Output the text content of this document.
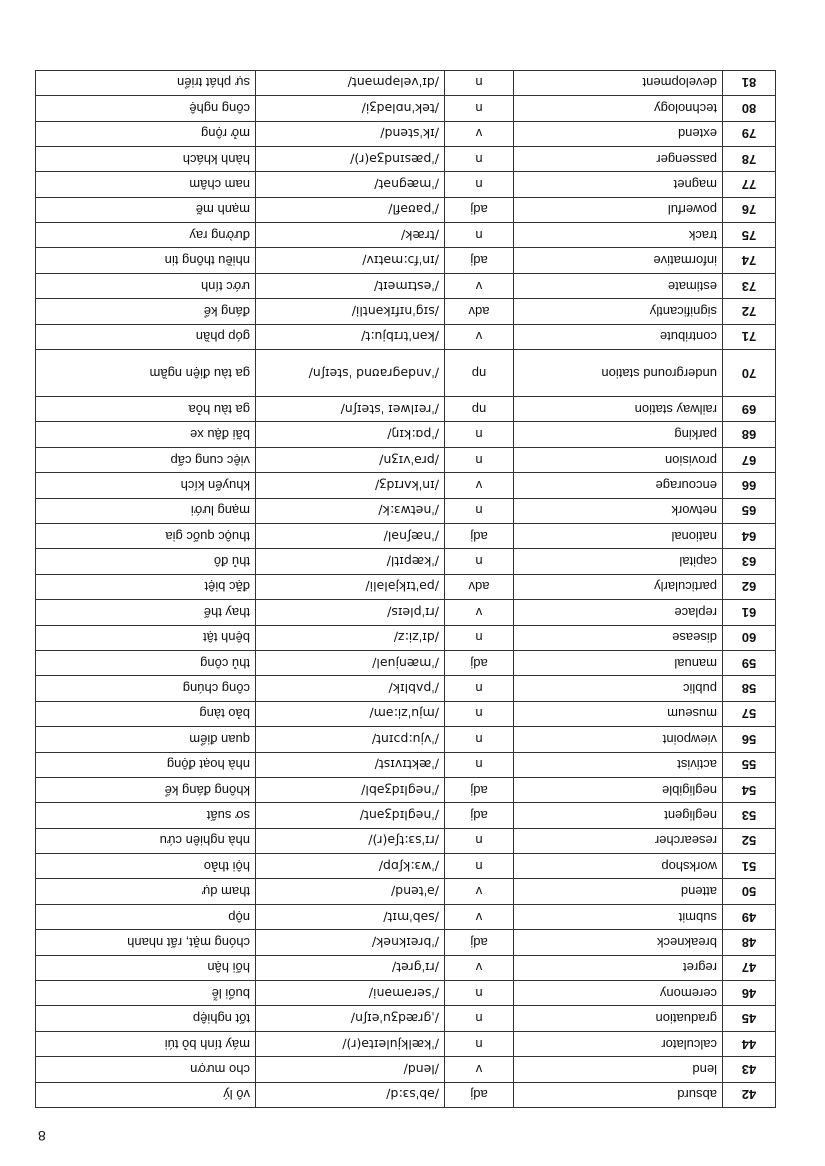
8
42	absurd	adj	/əbˈsɜːd/	vô lý
43	lend	v	/lend/	cho mượn
44	calculator	n	/ˈkælkjuleɪtə(r)/	máy tính bỏ túi
45	graduation	n	/ˌɡrædʒuˈeɪʃn/	tốt nghiệp
46	ceremony	n	/ˈserəməni/	buổi lễ
47	regret	v	/rɪˈɡret/	hối hận
48	breakneck	adj	/ˈbreɪknek/	chóng mặt, rất nhanh
49	submit	v	/səbˈmɪt/	nộp
50	attend	v	/əˈtend/	tham dự
51	workshop	n	/ˈwɜːkʃɒp/	hội thảo
52	researcher	n	/rɪˈsɜːtʃə(r)/	nhà nghiên cứu
53	negligent	adj	/ˈneɡlɪdʒənt/	sơ suất
54	negligible	adj	/ˈneɡlɪdʒəbl/	không đáng kể
55	activist	n	/ˈæktɪvɪst/	nhà hoạt động
56	viewpoint	n	/ˈvjuːpɔɪnt/	quan điểm
57	museum	n	/mjuˈziːəm/	bảo tàng
58	public	n	/ˈpʌblɪk/	công chúng
59	manual	adj	/ˈmænjuəl/	thủ công
60	disease	n	/dɪˈziːz/	bệnh tật
61	replace	v	/rɪˈpleɪs/	thay thế
62	particularly	adv	/pəˈtɪkjələli/	đặc biệt
63	capital	n	/ˈkæpɪtl/	thủ đô
64	national	adj	/ˈnæʃnəl/	thuộc quốc gia
65	network	n	/ˈnetwɜːk/	mạng lưới
66	encourage	v	/ɪnˈkʌrɪdʒ/	khuyến kích
67	provision	n	/prəˈvɪʒn/	việc cung cấp
68	parking	n	/ˈpɑːkɪŋ/	bãi đậu xe
69	railway station	np	/ˈreɪlweɪ ˈsteɪʃn/	ga tàu hỏa
70	underground station	np	/ˈʌndəɡraʊnd ˈsteɪʃn/	ga tàu điện ngầm
71	contribute	v	/kənˈtrɪbjuːt/	góp phần
72	significantly	adv	/sɪɡˈnɪfɪkəntli/	đáng kể
73	estimate	v	/ˈestɪmeɪt/	ước tính
74	informative	adj	/ɪnˈfɔːmətɪv/	nhiều thông tin
75	track	n	/træk/	đường ray
76	powerful	adj	/ˈpaʊəfl/	mạnh mẽ
77	magnet	n	/ˈmæɡnət/	nam châm
78	passenger	n	/ˈpæsɪndʒə(r)/	hành khách
79	extend	v	/ɪkˈstend/	mở rộng
80	technology	n	/tekˈnɒlədʒi/	công nghệ
81	development	n	/dɪˈveləpmənt/	sự phát triển
